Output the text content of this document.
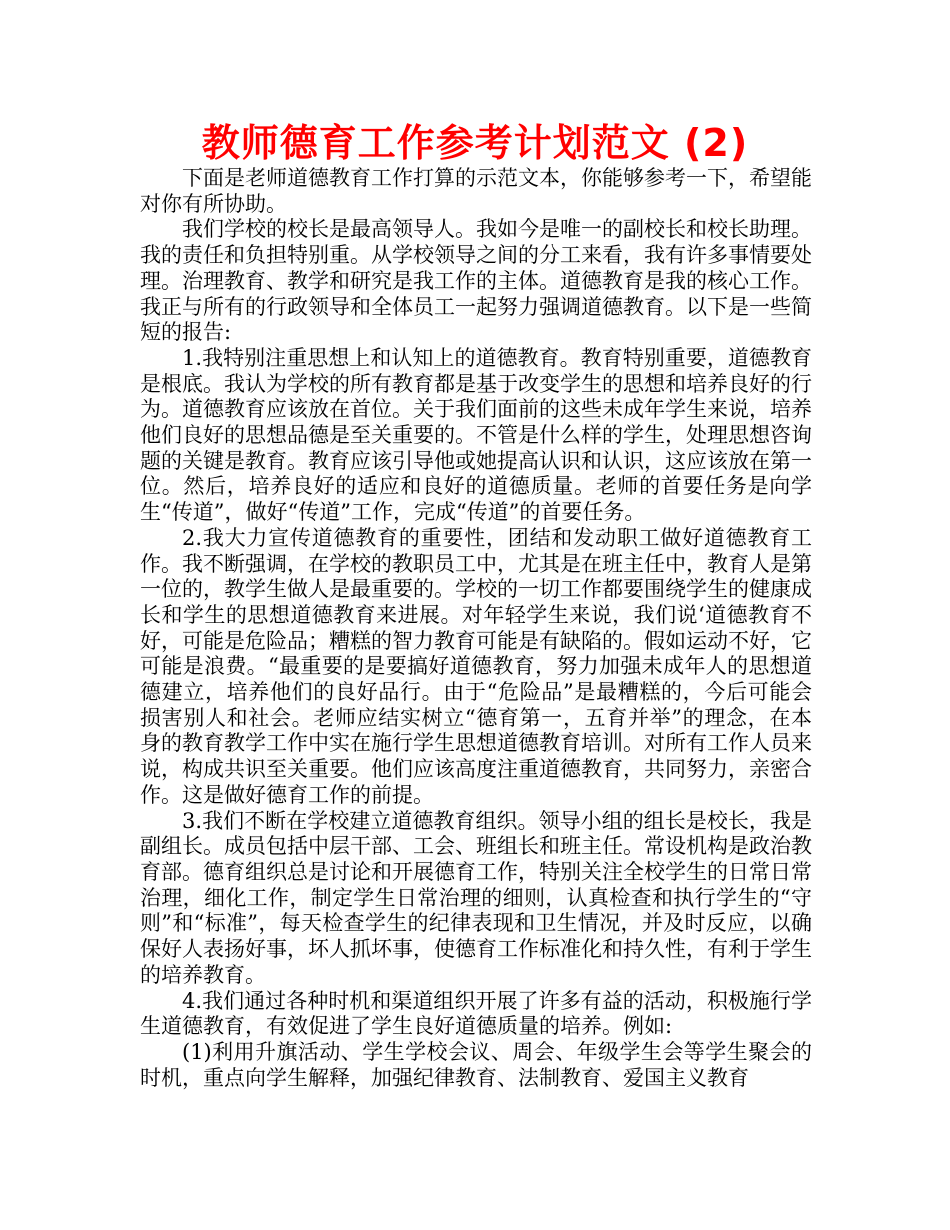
教师德育工作参考计划范文 (2)

下面是老师道德教育工作打算的示范文本，你能够参考一下，希望能对你有所协助。

我们学校的校长是最高领导人。我如今是唯一的副校长和校长助理。我的责任和负担特别重。从学校领导之间的分工来看，我有许多事情要处理。治理教育、教学和研究是我工作的主体。道德教育是我的核心工作。我正与所有的行政领导和全体员工一起努力强调道德教育。以下是一些简短的报告:

1.我特别注重思想上和认知上的道德教育。教育特别重要，道德教育是根底。我认为学校的所有教育都是基于改变学生的思想和培养良好的行为。道德教育应该放在首位。关于我们面前的这些未成年学生来说，培养他们良好的思想品德是至关重要的。不管是什么样的学生，处理思想咨询题的关键是教育。教育应该引导他或她提高认识和认识，这应该放在第一位。然后，培养良好的适应和良好的道德质量。老师的首要任务是向学生“传道”，做好“传道”工作，完成“传道”的首要任务。

2.我大力宣传道德教育的重要性，团结和发动职工做好道德教育工作。我不断强调，在学校的教职员工中，尤其是在班主任中，教育人是第一位的，教学生做人是最重要的。学校的一切工作都要围绕学生的健康成长和学生的思想道德教育来进展。对年轻学生来说，我们说‘道德教育不好，可能是危险品；糟糕的智力教育可能是有缺陷的。假如运动不好，它可能是浪费。“最重要的是要搞好道德教育，努力加强未成年人的思想道德建立，培养他们的良好品行。由于“危险品”是最糟糕的，今后可能会损害别人和社会。老师应结实树立“德育第一，五育并举”的理念，在本身的教育教学工作中实在施行学生思想道德教育培训。对所有工作人员来说，构成共识至关重要。他们应该高度注重道德教育，共同努力，亲密合作。这是做好德育工作的前提。

3.我们不断在学校建立道德教育组织。领导小组的组长是校长，我是副组长。成员包括中层干部、工会、班组长和班主任。常设机构是政治教育部。德育组织总是讨论和开展德育工作，特别关注全校学生的日常日常治理，细化工作，制定学生日常治理的细则，认真检查和执行学生的“守则”和“标准”，每天检查学生的纪律表现和卫生情况，并及时反应，以确保好人表扬好事，坏人抓坏事，使德育工作标准化和持久性，有利于学生的培养教育。

4.我们通过各种时机和渠道组织开展了许多有益的活动，积极施行学生道德教育，有效促进了学生良好道德质量的培养。例如:

(1)利用升旗活动、学生学校会议、周会、年级学生会等学生聚会的时机，重点向学生解释，加强纪律教育、法制教育、爱国主义教育
